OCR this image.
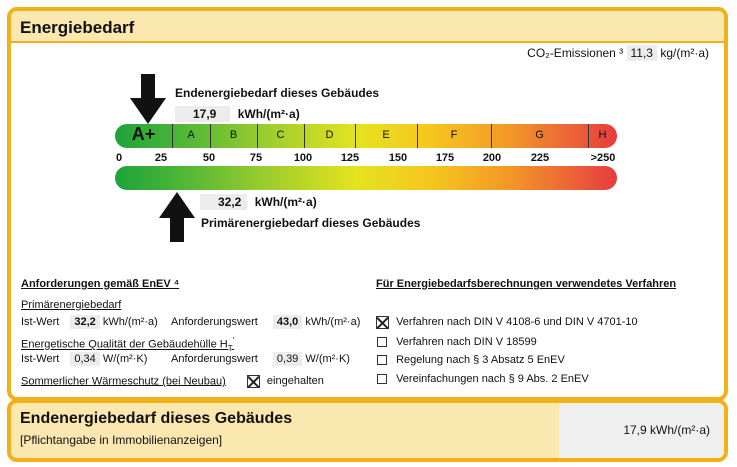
Energiebedarf
CO₂-Emissionen ³ 11,3 kg/(m²·a)
Endenergiebedarf dieses Gebäudes
17,9 kWh/(m²·a)
A+	A	B	C	D	E	F	G	H
0	25	50	75	100	125	150	175	200	225	>250
32,2 kWh/(m²·a)
Primärenergiebedarf dieses Gebäudes
Anforderungen gemäß EnEV ⁴
Primärenergiebedarf
Ist-Wert 32,2 kWh/(m²·a) Anforderungswert 43,0 kWh/(m²·a)
Energetische Qualität der Gebäudehülle $H_T'$
Ist-Wert 0,34 W/(m²·K) Anforderungswert 0,39 W/(m²·K)
Sommerlicher Wärmeschutz (bei Neubau)	eingehalten
Für Energiebedarfsberechnungen verwendetes Verfahren
Verfahren nach DIN V 4108-6 und DIN V 4701-10
Verfahren nach DIN V 18599
Regelung nach § 3 Absatz 5 EnEV
Vereinfachungen nach § 9 Abs. 2 EnEV
Endenergiebedarf dieses Gebäudes
[Pflichtangabe in Immobilienanzeigen]
17,9 kWh/(m²·a)
